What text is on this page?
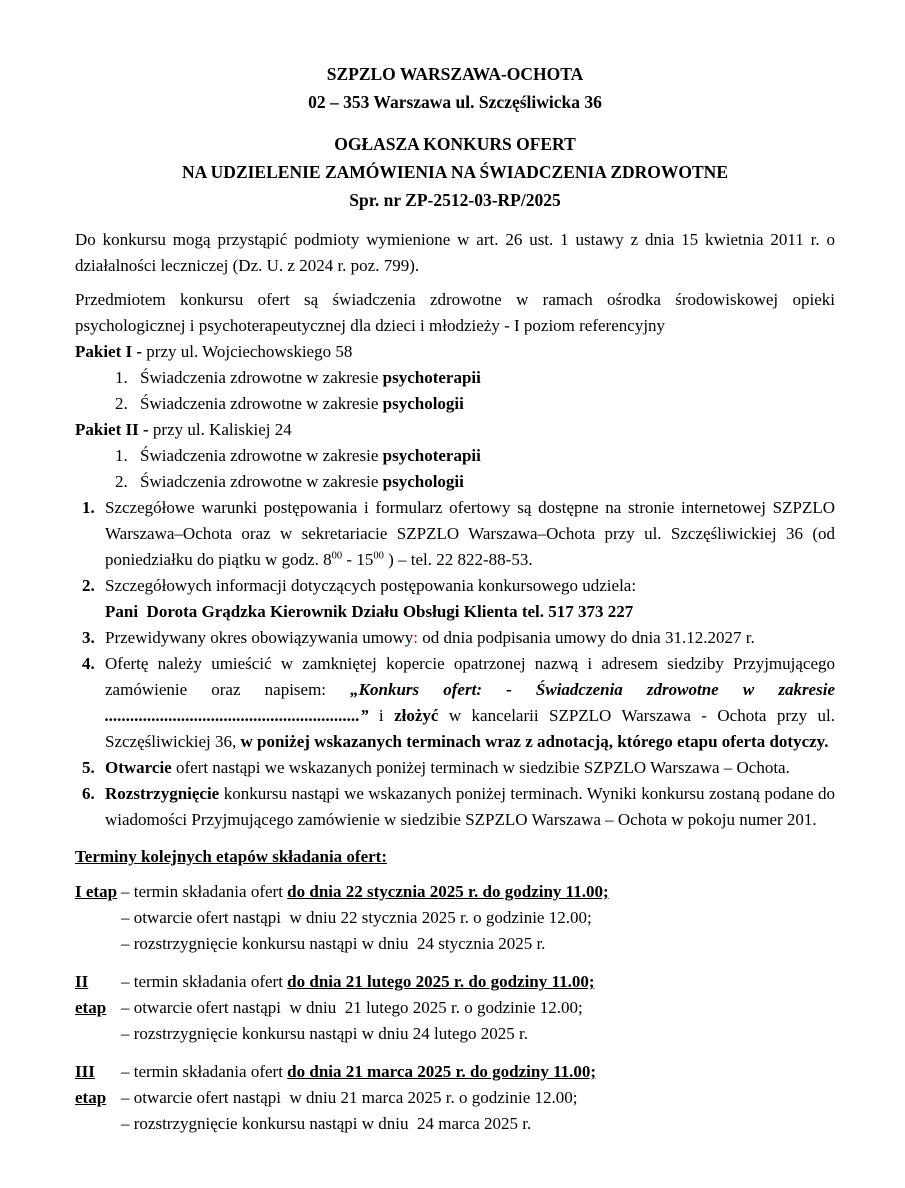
SZPZLO WARSZAWA-OCHOTA
02 – 353 Warszawa ul. Szczęśliwicka 36
OGŁASZA KONKURS OFERT
NA UDZIELENIE ZAMÓWIENIA NA ŚWIADCZENIA ZDROWOTNE
Spr. nr ZP-2512-03-RP/2025

Do konkursu mogą przystąpić podmioty wymienione w art. 26 ust. 1 ustawy z dnia 15 kwietnia 2011 r. o działalności leczniczej (Dz. U. z 2024 r. poz. 799).

Przedmiotem konkursu ofert są świadczenia zdrowotne w ramach ośrodka środowiskowej opieki psychologicznej i psychoterapeutycznej dla dzieci i młodzieży - I poziom referencyjny

Pakiet I - przy ul. Wojciechowskiego 58
1. Świadczenia zdrowotne w zakresie psychoterapii
2. Świadczenia zdrowotne w zakresie psychologii
Pakiet II - przy ul. Kaliskiej 24
1. Świadczenia zdrowotne w zakresie psychoterapii
2. Świadczenia zdrowotne w zakresie psychologii
1. Szczegółowe warunki postępowania i formularz ofertowy są dostępne na stronie internetowej SZPZLO Warszawa–Ochota oraz w sekretariacie SZPZLO Warszawa–Ochota przy ul. Szczęśliwickiej 36 (od poniedziałku do piątku w godz. $8^{00} - 15^{00}$ ) – tel. 22 822-88-53.
2. Szczegółowych informacji dotyczących postępowania konkursowego udziela:
Pani  Dorota Grądzka Kierownik Działu Obsługi Klienta tel. 517 373 227
3. Przewidywany okres obowiązywania umowy: od dnia podpisania umowy do dnia 31.12.2027 r.
4. Ofertę należy umieścić w zamkniętej kopercie opatrzonej nazwą i adresem siedziby Przyjmującego zamówienie oraz napisem: „Konkurs ofert: - Świadczenia zdrowotne w zakresie ............................................................” i złożyć w kancelarii SZPZLO Warszawa - Ochota przy ul. Szczęśliwickiej 36, w poniżej wskazanych terminach wraz z adnotacją, którego etapu oferta dotyczy.
5. Otwarcie ofert nastąpi we wskazanych poniżej terminach w siedzibie SZPZLO Warszawa – Ochota.
6. Rozstrzygnięcie konkursu nastąpi we wskazanych poniżej terminach. Wyniki konkursu zostaną podane do wiadomości Przyjmującego zamówienie w siedzibie SZPZLO Warszawa – Ochota w pokoju numer 201.
Terminy kolejnych etapów składania ofert:
I etap – termin składania ofert do dnia 22 stycznia 2025 r. do godziny 11.00;
– otwarcie ofert nastąpi  w dniu 22 stycznia 2025 r. o godzinie 12.00;
– rozstrzygnięcie konkursu nastąpi w dniu  24 stycznia 2025 r.
II etap
– termin składania ofert do dnia 21 lutego 2025 r. do godziny 11.00;
– otwarcie ofert nastąpi  w dniu  21 lutego 2025 r. o godzinie 12.00;
– rozstrzygnięcie konkursu nastąpi w dniu 24 lutego 2025 r.
III etap
– termin składania ofert do dnia 21 marca 2025 r. do godziny 11.00;
– otwarcie ofert nastąpi  w dniu 21 marca 2025 r. o godzinie 12.00;
– rozstrzygnięcie konkursu nastąpi w dniu  24 marca 2025 r.
